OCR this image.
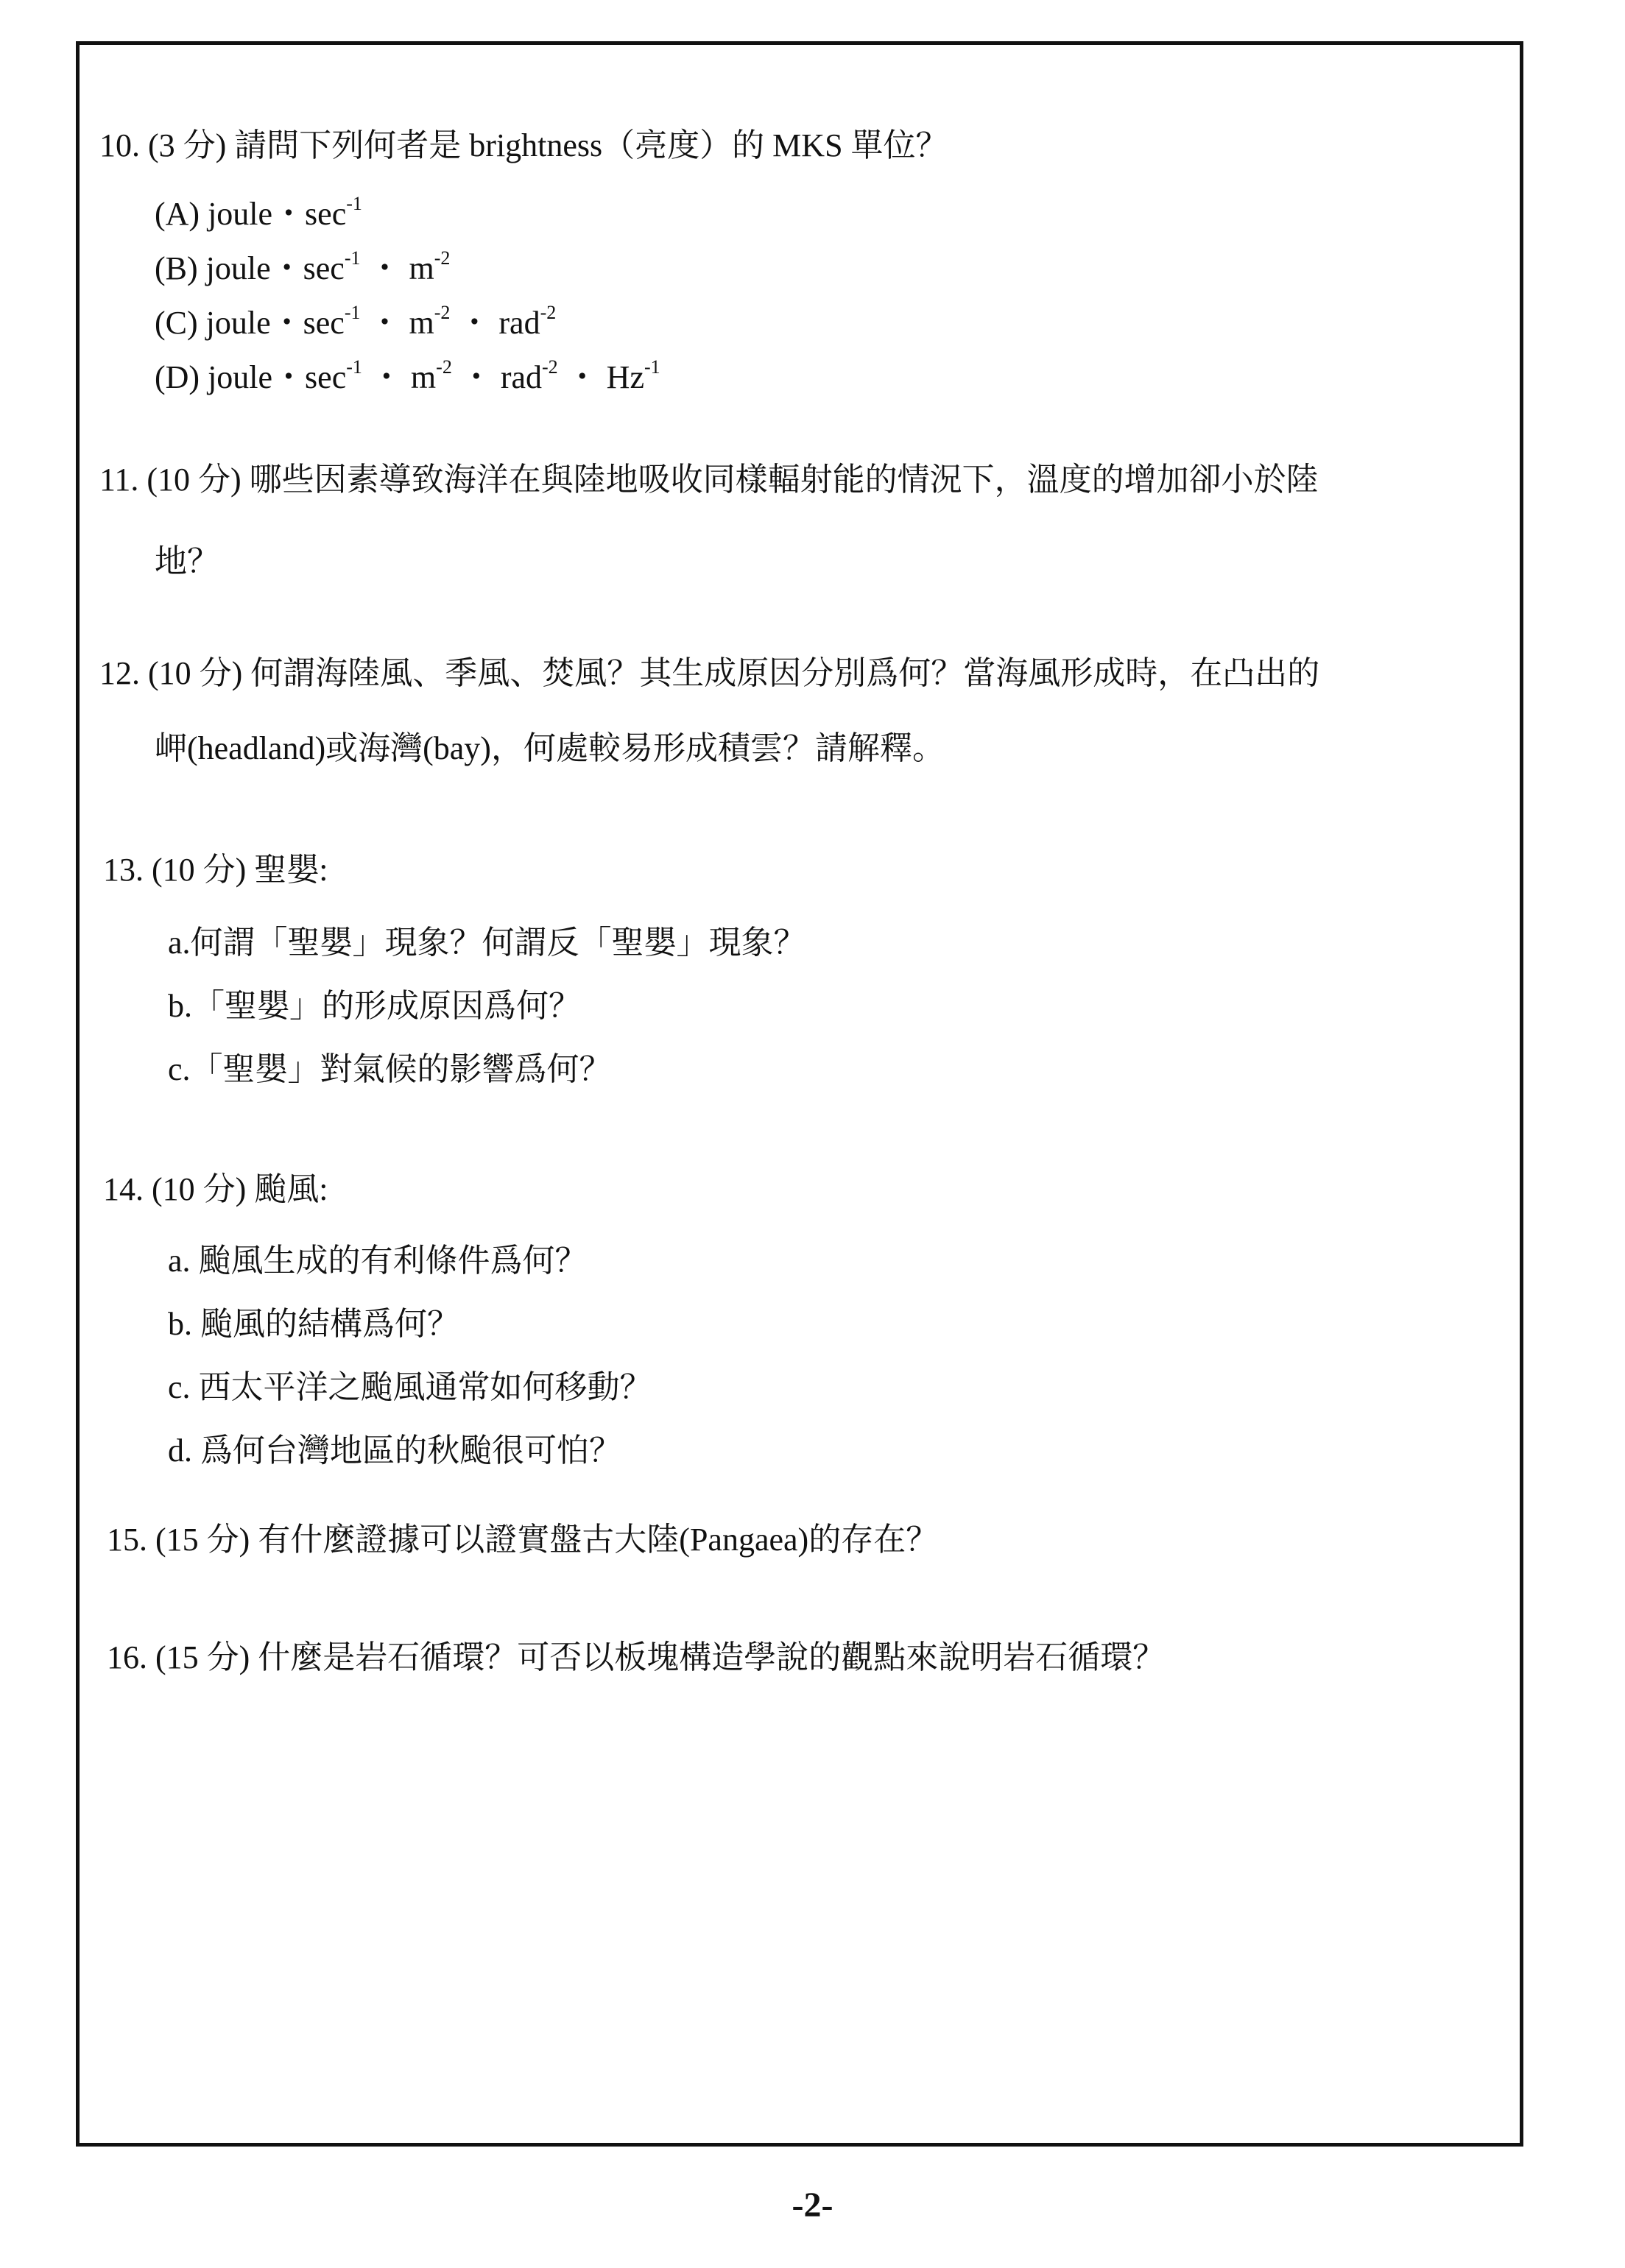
10. (3 分) 請問下列何者是 brightness（亮度）的 MKS 單位？
(A) joule・$\sec^{-1}$
(B) joule・$\sec^{-1}$ ・ $m^{-2}$
(C) joule・$\sec^{-1}$ ・ $m^{-2}$ ・ rad$^{-2}$
(D) joule・$\sec^{-1}$ ・ $m^{-2}$ ・ rad$^{-2}$ ・ $Hz^{-1}$
11. (10 分) 哪些因素導致海洋在與陸地吸收同樣輻射能的情況下，溫度的增加卻小於陸
地？
12. (10 分) 何謂海陸風、季風、焚風？其生成原因分別爲何？當海風形成時，在凸出的
岬(headland)或海灣(bay)，何處較易形成積雲？請解釋。
13. (10 分) 聖嬰:
a.何謂「聖嬰」現象？何謂反「聖嬰」現象？
b.「聖嬰」的形成原因爲何？
c.「聖嬰」對氣候的影響爲何？
14. (10 分) 颱風:
a. 颱風生成的有利條件爲何？
b. 颱風的結構爲何？
c. 西太平洋之颱風通常如何移動？
d. 爲何台灣地區的秋颱很可怕？
15. (15 分) 有什麼證據可以證實盤古大陸(Pangaea)的存在？
16. (15 分) 什麼是岩石循環？可否以板塊構造學說的觀點來說明岩石循環？
-2-
